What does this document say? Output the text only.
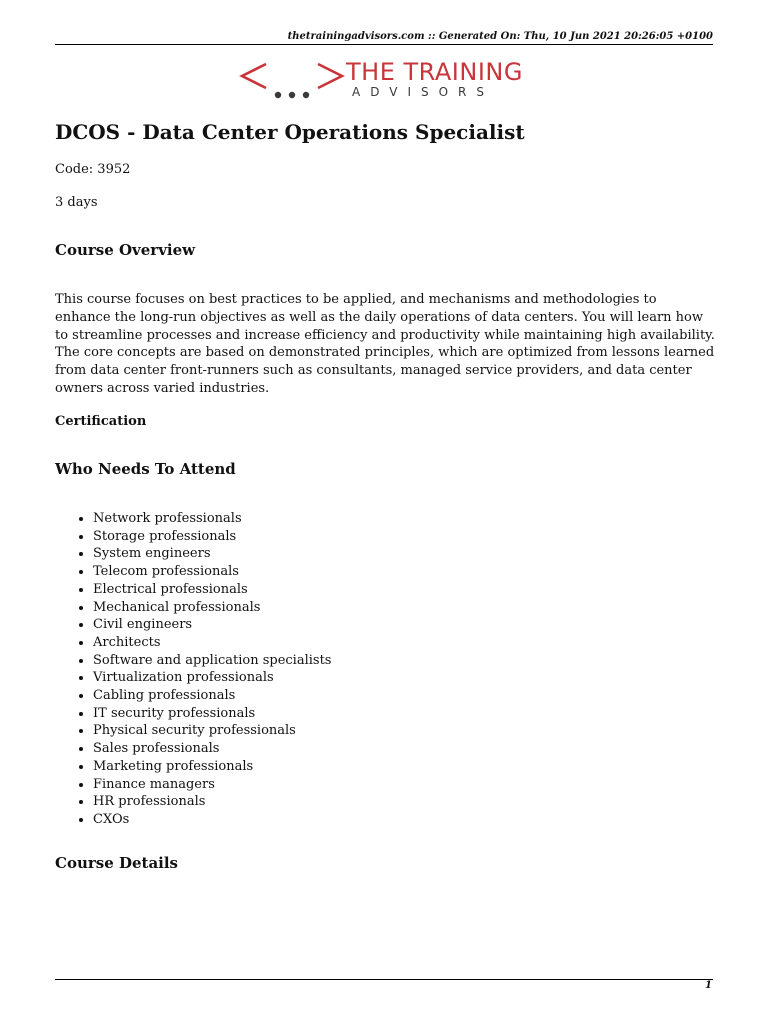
thetrainingadvisors.com :: Generated On: Thu, 10 Jun 2021 20:26:05 +0100
THE TRAINING
ADVISORS
DCOS - Data Center Operations Specialist

Code: 3952

3 days

Course Overview

This course focuses on best practices to be applied, and mechanisms and methodologies to enhance the long-run objectives as well as the daily operations of data centers. You will learn how to streamline processes and increase efficiency and productivity while maintaining high availability. The core concepts are based on demonstrated principles, which are optimized from lessons learned from data center front-runners such as consultants, managed service providers, and data center owners across varied industries.

Certification

Who Needs To Attend
• Network professionals
• Storage professionals
• System engineers
• Telecom professionals
• Electrical professionals
• Mechanical professionals
• Civil engineers
• Architects
• Software and application specialists
• Virtualization professionals
• Cabling professionals
• IT security professionals
• Physical security professionals
• Sales professionals
• Marketing professionals
• Finance managers
• HR professionals
• CXOs
Course Details
1
